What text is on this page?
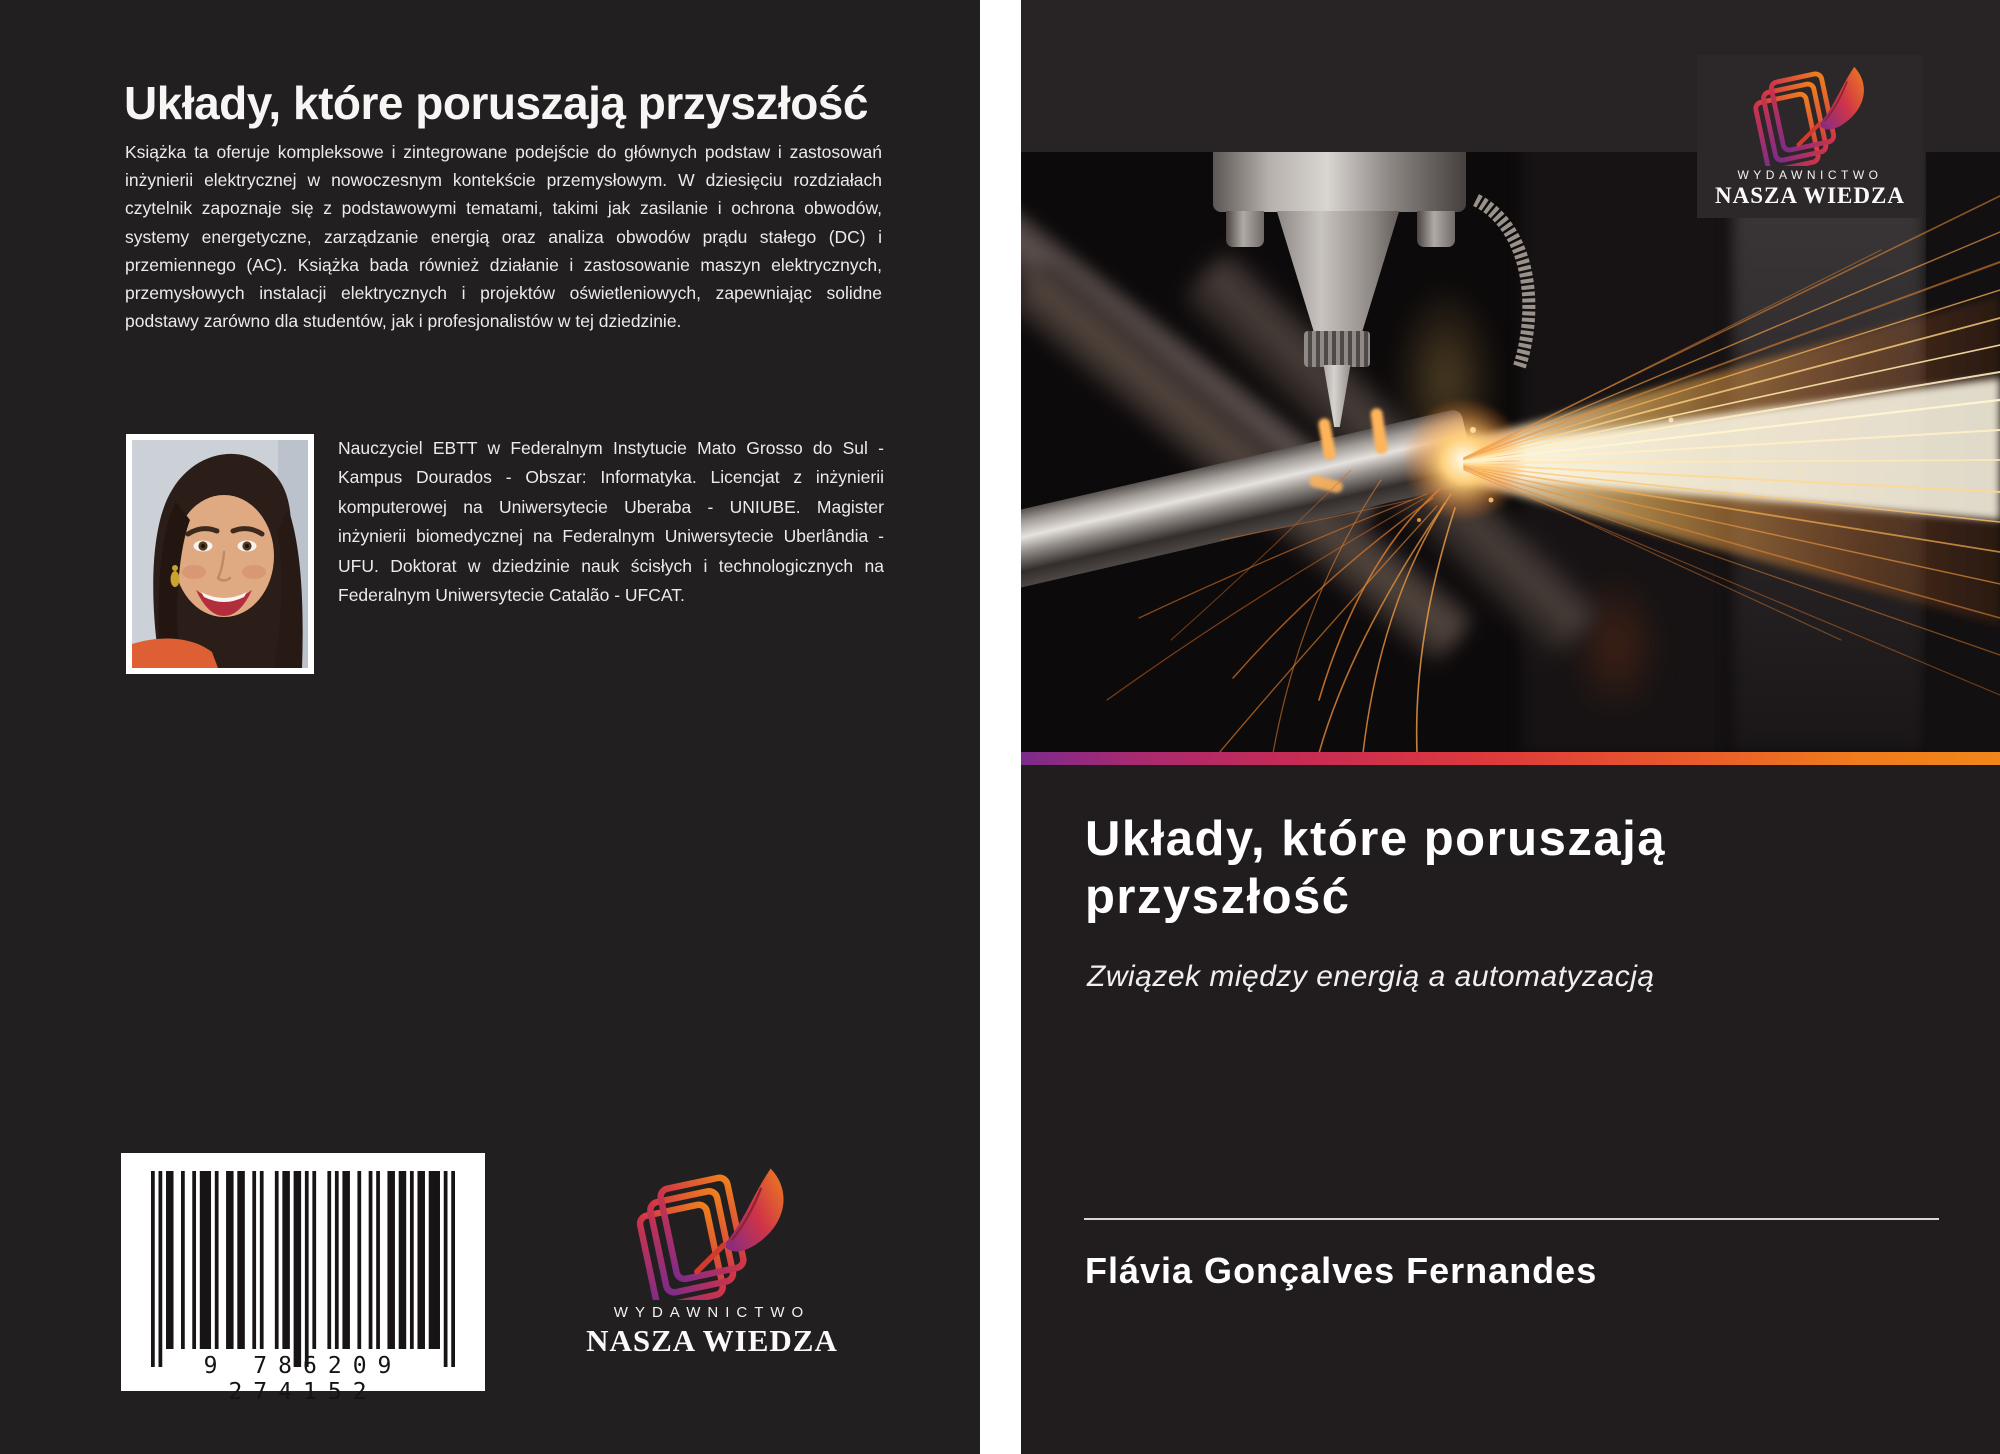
Układy, które poruszają przyszłość
Książka ta oferuje kompleksowe i zintegrowane podejście do głównych podstaw i zastosowań inżynierii elektrycznej w nowoczesnym kontekście przemysłowym. W dziesięciu rozdziałach czytelnik zapoznaje się z podstawowymi tematami, takimi jak zasilanie i ochrona obwodów, systemy energetyczne, zarządzanie energią oraz analiza obwodów prądu stałego (DC) i przemiennego (AC). Książka bada również działanie i zastosowanie maszyn elektrycznych, przemysłowych instalacji elektrycznych i projektów oświetleniowych, zapewniając solidne podstawy zarówno dla studentów, jak i profesjonalistów w tej dziedzinie.
Nauczyciel EBTT w Federalnym Instytucie Mato Grosso do Sul - Kampus Dourados - Obszar: Informatyka. Licencjat z inżynierii komputerowej na Uniwersytecie Uberaba - UNIUBE. Magister inżynierii biomedycznej na Federalnym Uniwersytecie Uberlândia - UFU. Doktorat w dziedzinie nauk ścisłych i technologicznych na Federalnym Uniwersytecie Catalão - UFCAT.
9 786209 274152
WYDAWNICTWO
NASZA WIEDZA
WYDAWNICTWO
NASZA WIEDZA
Układy, które poruszają przyszłość
Związek między energią a automatyzacją
Flávia Gonçalves Fernandes
